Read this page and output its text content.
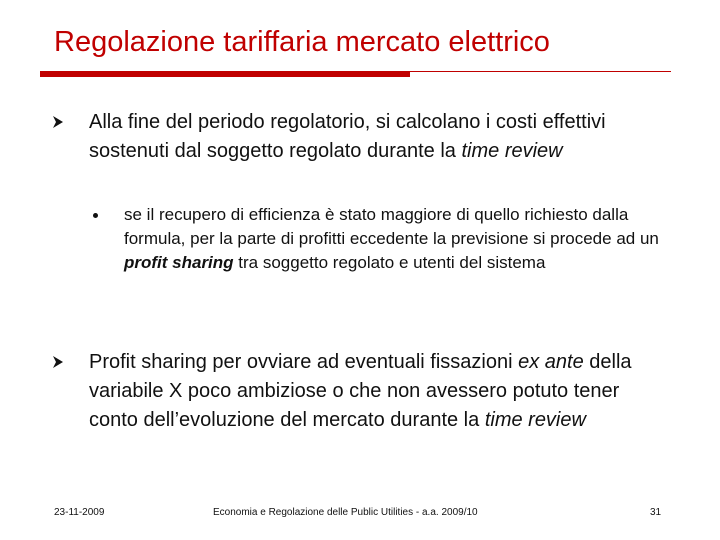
Regolazione tariffaria mercato elettrico
Alla fine del periodo regolatorio, si calcolano i costi effettivi sostenuti dal soggetto regolato durante la time review
se il recupero di efficienza è stato maggiore di quello richiesto dalla formula, per la parte di profitti eccedente la previsione si procede ad un profit sharing tra soggetto regolato e utenti del sistema
Profit sharing per ovviare ad eventuali fissazioni ex ante della variabile X poco ambiziose o che non avessero potuto tener conto dell’evoluzione del mercato durante la time review
23-11-2009	Economia e Regolazione delle Public Utilities - a.a. 2009/10	31
